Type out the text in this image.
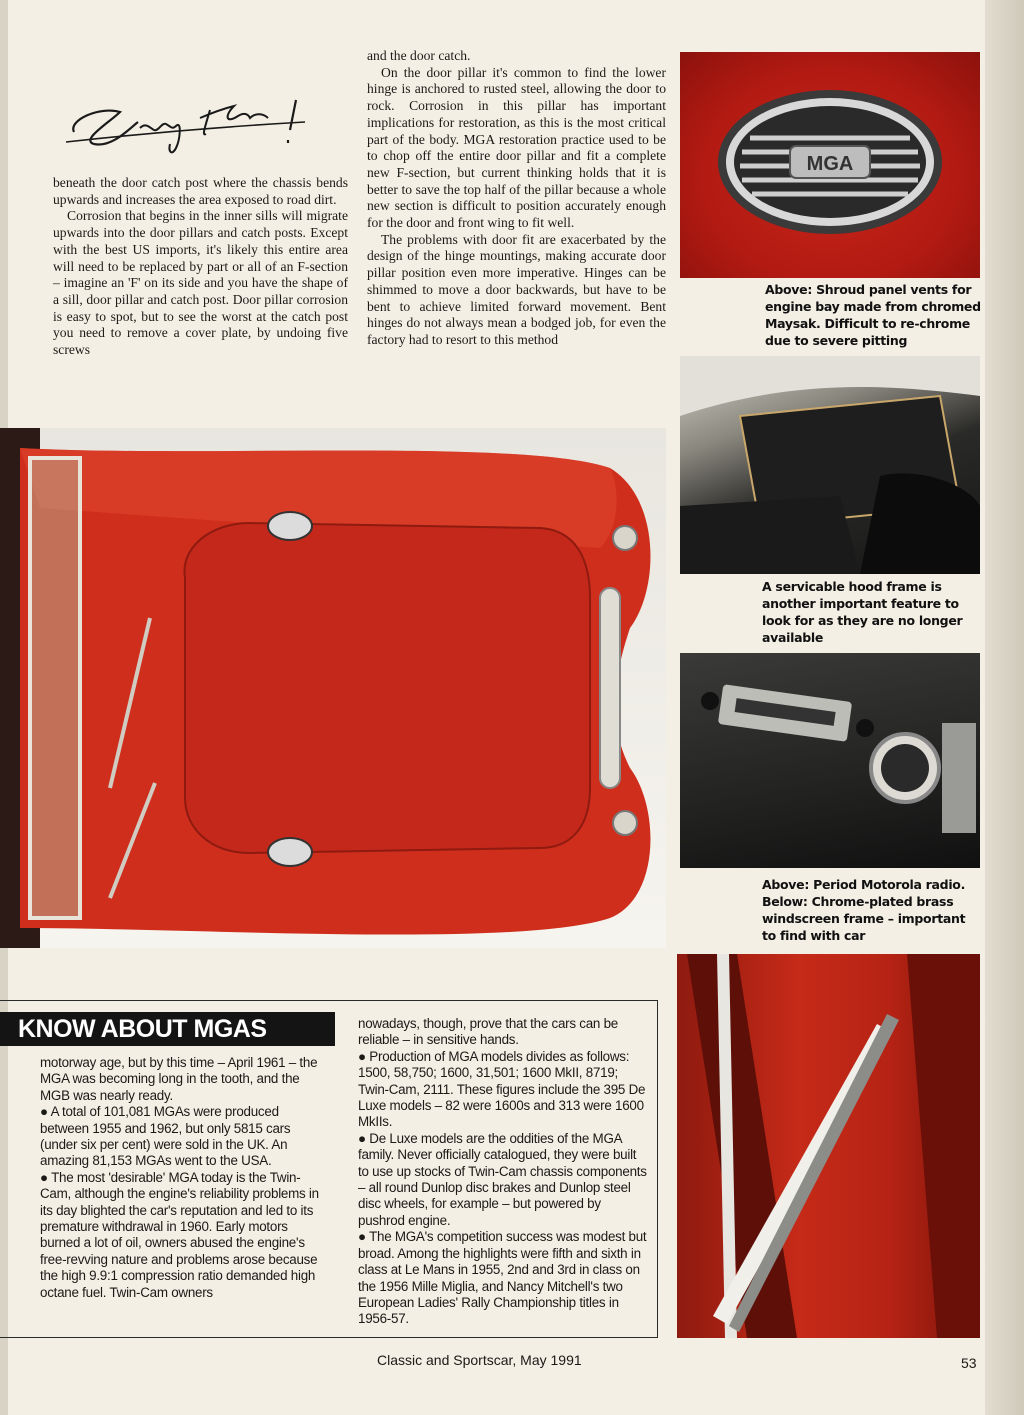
beneath the door catch post where the chassis bends upwards and increases the area exposed to road dirt.

Corrosion that begins in the inner sills will migrate upwards into the door pillars and catch posts. Except with the best US imports, it's likely this entire area will need to be replaced by part or all of an F-section – imagine an 'F' on its side and you have the shape of a sill, door pillar and catch post. Door pillar corrosion is easy to spot, but to see the worst at the catch post you need to remove a cover plate, by undoing five screws

and the door catch.

On the door pillar it's common to find the lower hinge is anchored to rusted steel, allowing the door to rock. Corrosion in this pillar has important implications for restoration, as this is the most critical part of the body. MGA restoration practice used to be to chop off the entire door pillar and fit a complete new F-section, but current thinking holds that it is better to save the top half of the pillar because a whole new section is difficult to position accurately enough for the door and front wing to fit well.

The problems with door fit are exacerbated by the design of the hinge mountings, making accurate door pillar position even more imperative. Hinges can be shimmed to move a door backwards, but have to be bent to achieve limited forward movement. Bent hinges do not always mean a bodged job, for even the factory had to resort to this method

MGA
Above: Shroud panel vents for engine bay made from chromed Maysak. Difficult to re-chrome due to severe pitting
A servicable hood frame is another important feature to look for as they are no longer available
Above: Period Motorola radio. Below: Chrome-plated brass windscreen frame – important to find with car
KNOW ABOUT MGAS

motorway age, but by this time – April 1961 – the MGA was becoming long in the tooth, and the MGB was nearly ready.

● A total of 101,081 MGAs were produced between 1955 and 1962, but only 5815 cars (under six per cent) were sold in the UK. An amazing 81,153 MGAs went to the USA.

● The most 'desirable' MGA today is the Twin-Cam, although the engine's reliability problems in its day blighted the car's reputation and led to its premature withdrawal in 1960. Early motors burned a lot of oil, owners abused the engine's free-revving nature and problems arose because the high 9.9:1 compression ratio demanded high octane fuel. Twin-Cam owners

nowadays, though, prove that the cars can be reliable – in sensitive hands.

● Production of MGA models divides as follows: 1500, 58,750; 1600, 31,501; 1600 MkII, 8719; Twin-Cam, 2111. These figures include the 395 De Luxe models – 82 were 1600s and 313 were 1600 MkIIs.

● De Luxe models are the oddities of the MGA family. Never officially catalogued, they were built to use up stocks of Twin-Cam chassis components – all round Dunlop disc brakes and Dunlop steel disc wheels, for example – but powered by pushrod engine.

● The MGA's competition success was modest but broad. Among the highlights were fifth and sixth in class at Le Mans in 1955, 2nd and 3rd in class on the 1956 Mille Miglia, and Nancy Mitchell's two European Ladies' Rally Championship titles in 1956-57.

Classic and Sportscar, May 1991	53
